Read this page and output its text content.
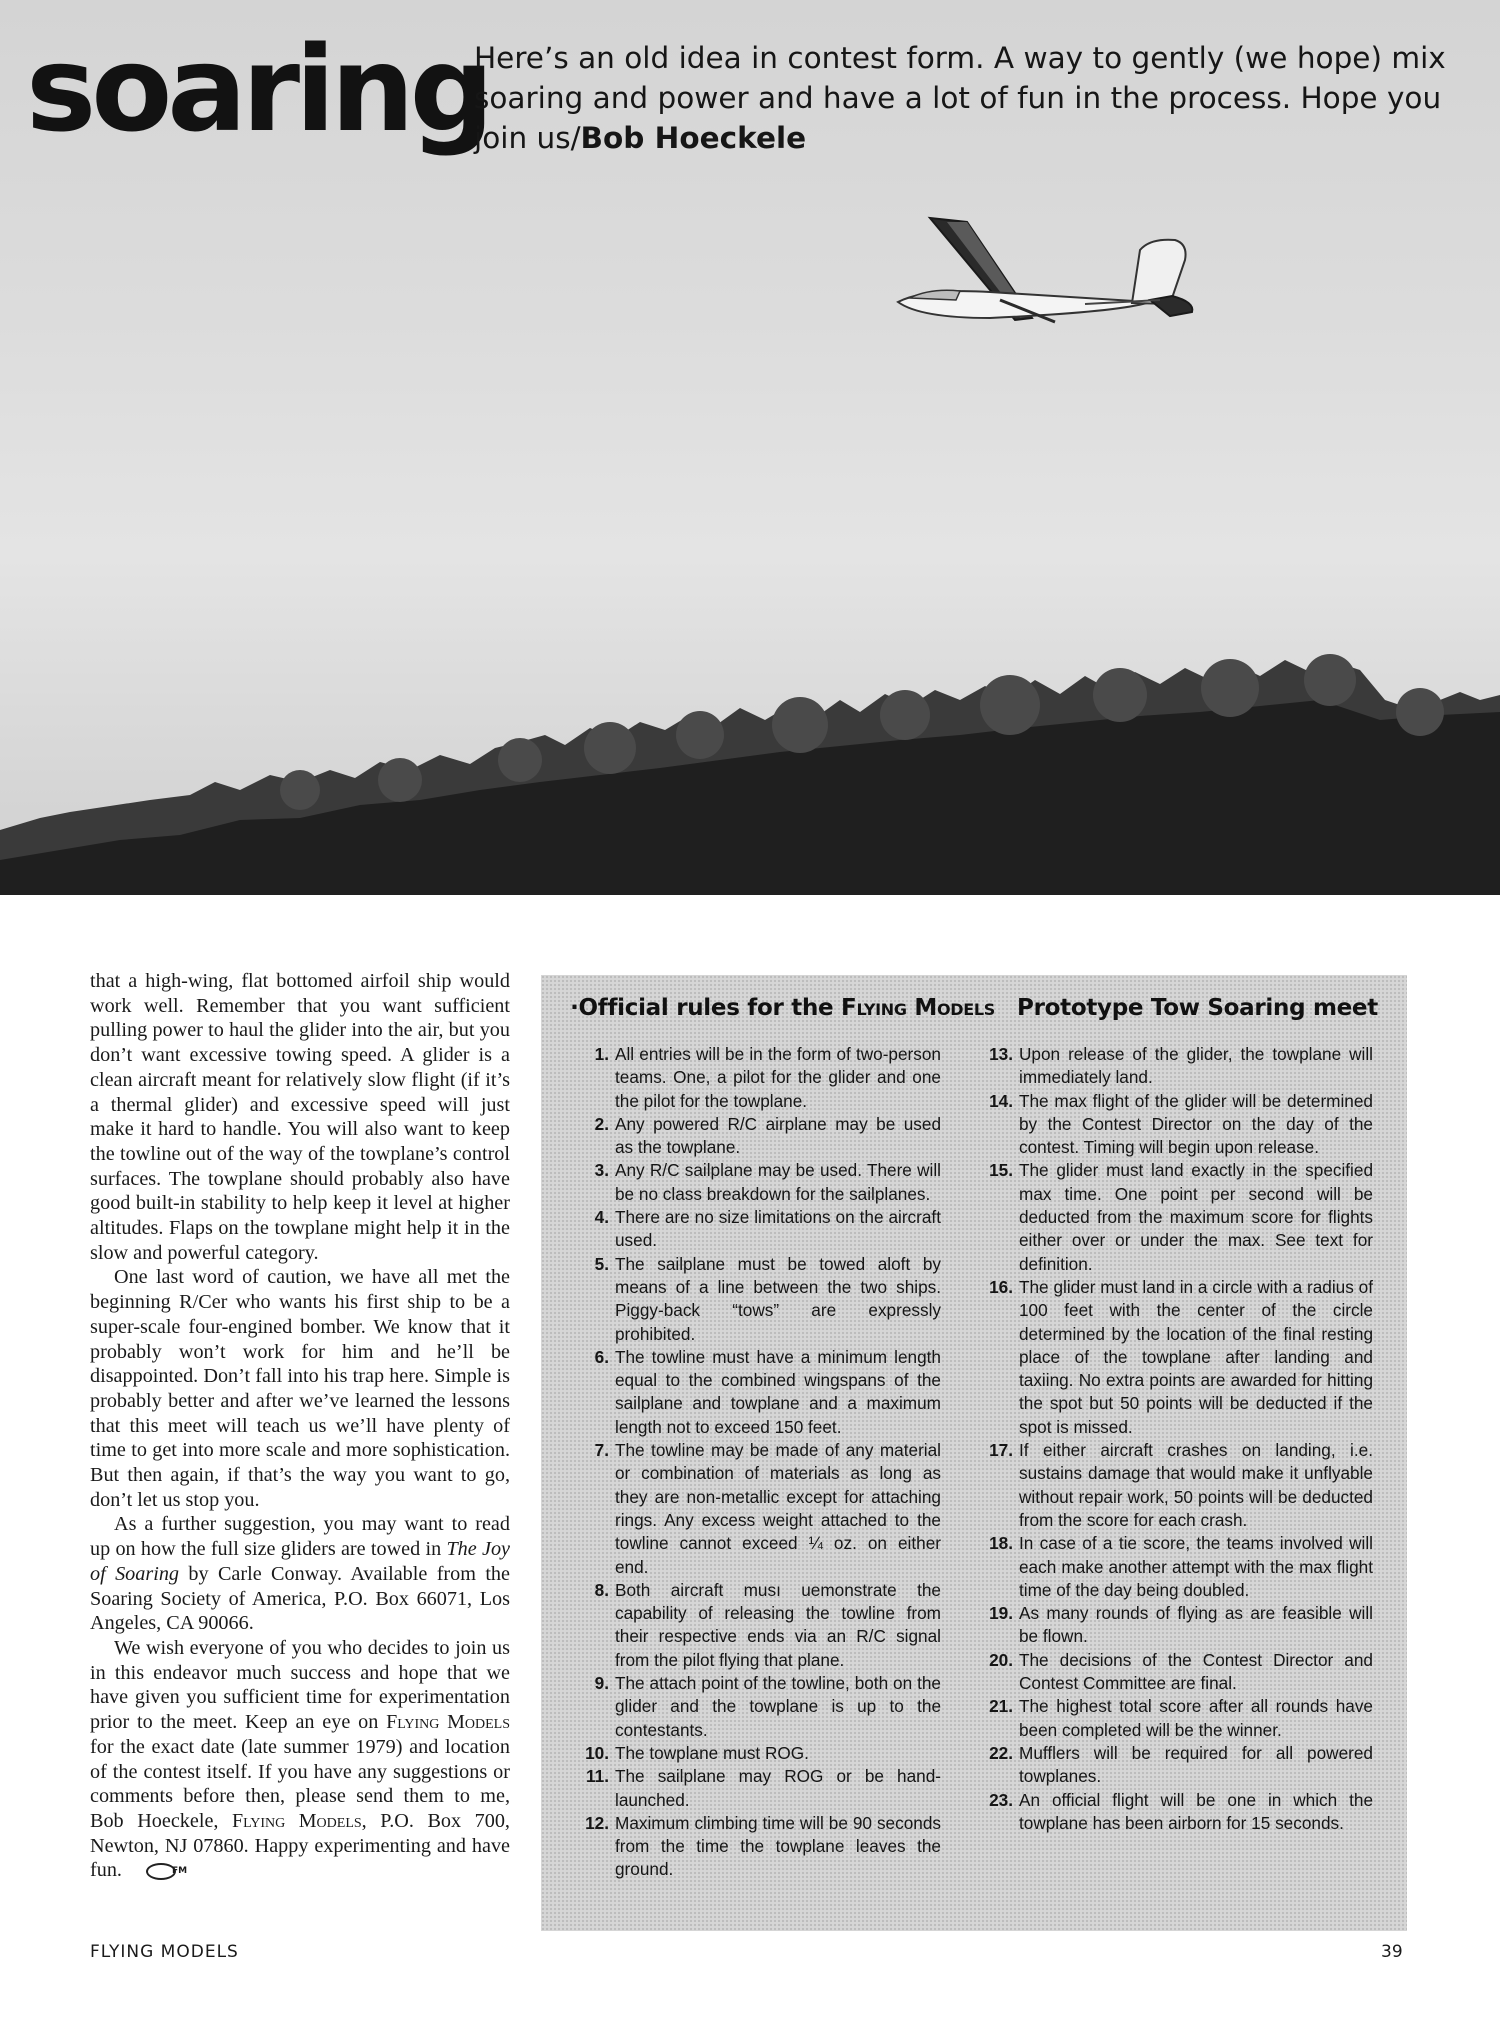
soaring
Here’s an old idea in contest form. A way to gently (we hope) mix soaring and power and have a lot of fun in the process. Hope you join us/Bob Hoeckele

that a high-wing, flat bottomed airfoil ship would work well. Remember that you want sufficient pulling power to haul the glider into the air, but you don’t want excessive towing speed. A glider is a clean aircraft meant for relatively slow flight (if it’s a thermal glider) and excessive speed will just make it hard to handle. You will also want to keep the towline out of the way of the towplane’s control surfaces. The towplane should probably also have good built-in stability to help keep it level at higher altitudes. Flaps on the towplane might help it in the slow and powerful category.

One last word of caution, we have all met the beginning R/Cer who wants his first ship to be a super-scale four-engined bomber. We know that it probably won’t work for him and he’ll be disappointed. Don’t fall into his trap here. Simple is probably better and after we’ve learned the lessons that this meet will teach us we’ll have plenty of time to get into more scale and more sophistication. But then again, if that’s the way you want to go, don’t let us stop you.

As a further suggestion, you may want to read up on how the full size gliders are towed in The Joy of Soaring by Carle Conway. Available from the Soaring Society of America, P.O. Box 66071, Los Angeles, CA 90066.

We wish everyone of you who decides to join us in this endeavor much success and hope that we have given you sufficient time for experimentation prior to the meet. Keep an eye on Flying Models for the exact date (late summer 1979) and location of the contest itself. If you have any suggestions or comments before then, please send them to me, Bob Hoeckele, Flying Models, P.O. Box 700, Newton, NJ 07860. Happy experimenting and have fun.	FM

·Official rules for the Flying Models Prototype Tow Soaring meet
1. All entries will be in the form of two-person teams. One, a pilot for the glider and one the pilot for the towplane.
2. Any powered R/C airplane may be used as the towplane.
3. Any R/C sailplane may be used. There will be no class breakdown for the sailplanes.
4. There are no size limitations on the aircraft used.
5. The sailplane must be towed aloft by means of a line between the two ships. Piggy-back “tows” are expressly prohibited.
6. The towline must have a minimum length equal to the combined wingspans of the sailplane and towplane and a maximum length not to exceed 150 feet.
7. The towline may be made of any material or combination of materials as long as they are non-metallic except for attaching rings. Any excess weight attached to the towline cannot exceed ¼ oz. on either end.
8. Both aircraft musı uemonstrate the capability of releasing the towline from their respective ends via an R/C signal from the pilot flying that plane.
9. The attach point of the towline, both on the glider and the towplane is up to the contestants.
10. The towplane must ROG.
11. The sailplane may ROG or be hand-launched.
12. Maximum climbing time will be 90 seconds from the time the towplane leaves the ground.
13. Upon release of the glider, the towplane will immediately land.
14. The max flight of the glider will be determined by the Contest Director on the day of the contest. Timing will begin upon release.
15. The glider must land exactly in the specified max time. One point per second will be deducted from the maximum score for flights either over or under the max. See text for definition.
16. The glider must land in a circle with a radius of 100 feet with the center of the circle determined by the location of the final resting place of the towplane after landing and taxiing. No extra points are awarded for hitting the spot but 50 points will be deducted if the spot is missed.
17. If either aircraft crashes on landing, i.e. sustains damage that would make it unflyable without repair work, 50 points will be deducted from the score for each crash.
18. In case of a tie score, the teams involved will each make another attempt with the max flight time of the day being doubled.
19. As many rounds of flying as are feasible will be flown.
20. The decisions of the Contest Director and Contest Committee are final.
21. The highest total score after all rounds have been completed will be the winner.
22. Mufflers will be required for all powered towplanes.
23. An official flight will be one in which the towplane has been airborn for 15 seconds.
FLYING MODELS	39
